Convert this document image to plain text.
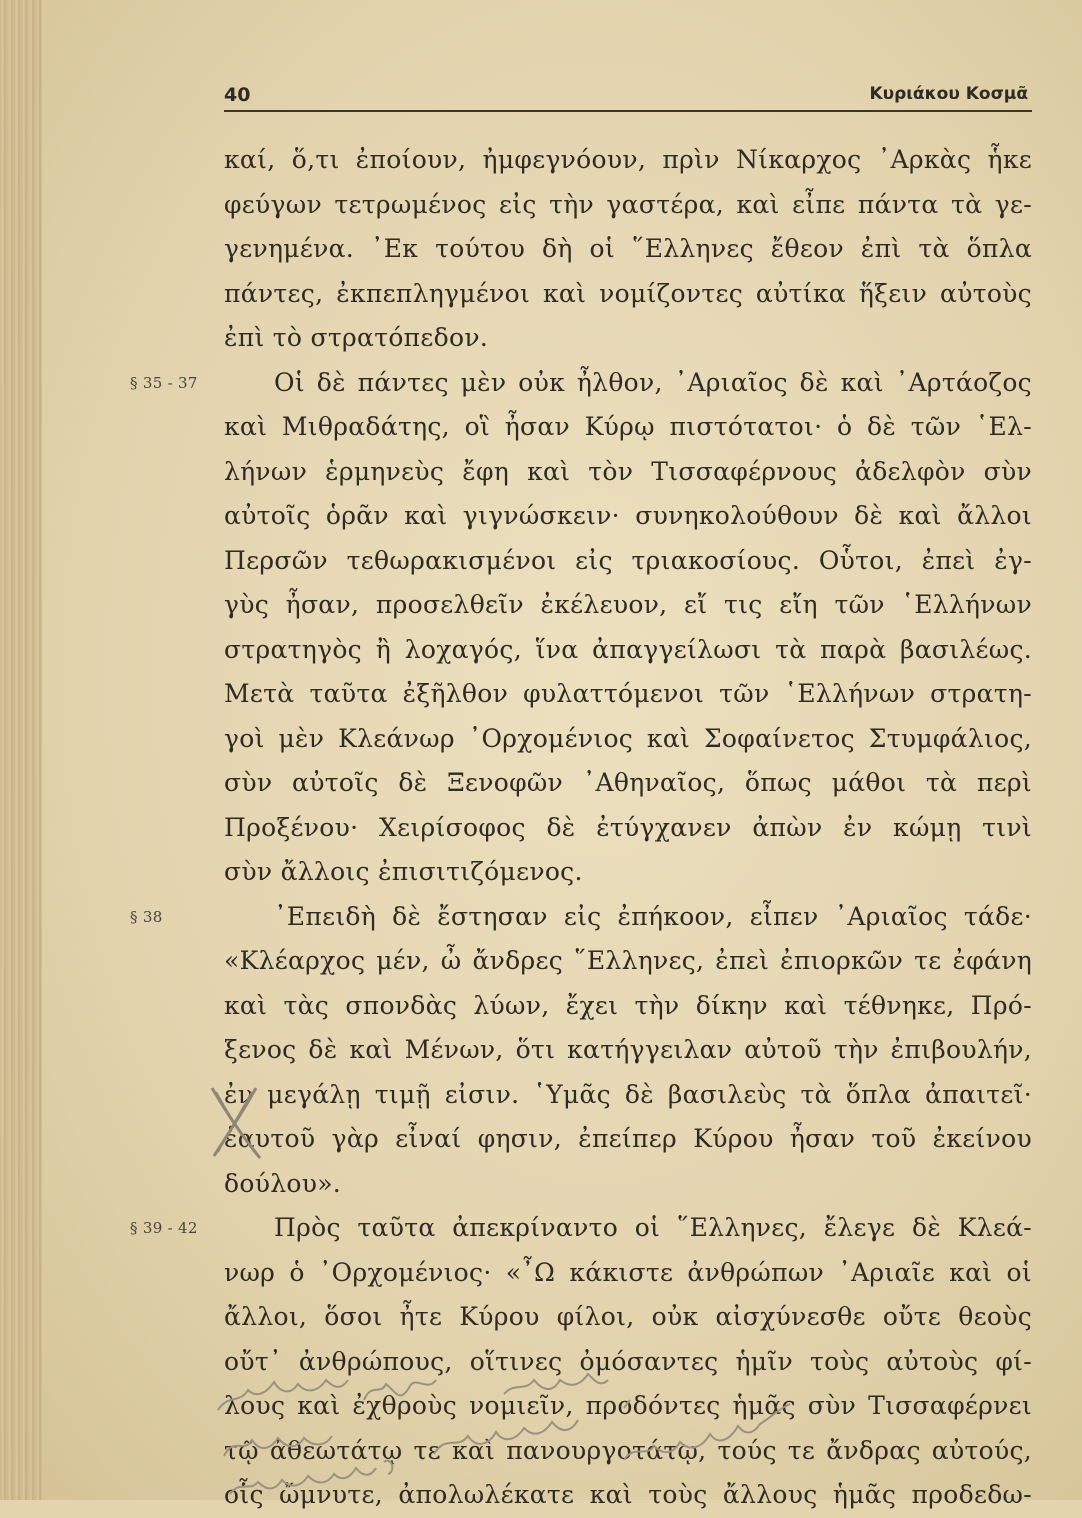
40	Κυριάκου Κοσμᾶ
καί, ὅ,τι ἐποίουν, ἠμφεγνόουν, πρὶν Νίκαρχος ᾿Αρκὰς ἧκε
φεύγων τετρωμένος εἰς τὴν γαστέρα, καὶ εἶπε πάντα τὰ γε-
γενημένα. ᾿Εκ τούτου δὴ οἱ ῞Ελληνες ἔθεον ἐπὶ τὰ ὅπλα
πάντες, ἐκπεπληγμένοι καὶ νομίζοντες αὐτίκα ἥξειν αὐτοὺς
ἐπὶ τὸ στρατόπεδον.
Οἱ δὲ πάντες μὲν οὐκ ἦλθον, ᾿Αριαῖος δὲ καὶ ᾿Αρτάοζος
§ 35 - 37
καὶ Μιθραδάτης, οἳ ἦσαν Κύρῳ πιστότατοι· ὁ δὲ τῶν ῾Ελ-
λήνων ἑρμηνεὺς ἔφη καὶ τὸν Τισσαφέρνους ἀδελφὸν σὺν
αὐτοῖς ὁρᾶν καὶ γιγνώσκειν· συνηκολούθουν δὲ καὶ ἄλλοι
Περσῶν τεθωρακισμένοι εἰς τριακοσίους. Οὗτοι, ἐπεὶ ἐγ-
γὺς ἦσαν, προσελθεῖν ἐκέλευον, εἴ τις εἴη τῶν ῾Ελλήνων
στρατηγὸς ἢ λοχαγός, ἵνα ἀπαγγείλωσι τὰ παρὰ βασιλέως.
Μετὰ ταῦτα ἐξῆλθον φυλαττόμενοι τῶν ῾Ελλήνων στρατη-
γοὶ μὲν Κλεάνωρ ᾿Ορχομένιος καὶ Σοφαίνετος Στυμφάλιος,
σὺν αὐτοῖς δὲ Ξενοφῶν ᾿Αθηναῖος, ὅπως μάθοι τὰ περὶ
Προξένου· Χειρίσοφος δὲ ἐτύγχανεν ἀπὼν ἐν κώμῃ τινὶ
σὺν ἄλλοις ἐπισιτιζόμενος.
᾿Επειδὴ δὲ ἔστησαν εἰς ἐπήκοον, εἶπεν ᾿Αριαῖος τάδε·
§ 38
«Κλέαρχος μέν, ὦ ἄνδρες ῞Ελληνες, ἐπεὶ ἐπιορκῶν τε ἐφάνη
καὶ τὰς σπονδὰς λύων, ἔχει τὴν δίκην καὶ τέθνηκε, Πρό-
ξενος δὲ καὶ Μένων, ὅτι κατήγγειλαν αὐτοῦ τὴν ἐπιβουλήν,
ἐν μεγάλῃ τιμῇ εἰσιν. ῾Υμᾶς δὲ βασιλεὺς τὰ ὅπλα ἀπαιτεῖ·
ἑαυτοῦ γὰρ εἶναί φησιν, ἐπείπερ Κύρου ἦσαν τοῦ ἐκείνου
δούλου».
Πρὸς ταῦτα ἀπεκρίναντο οἱ ῞Ελληνες, ἔλεγε δὲ Κλεά-
§ 39 - 42
νωρ ὁ ᾿Ορχομένιος· «῏Ω κάκιστε ἀνθρώπων ᾿Αριαῖε καὶ οἱ
ἄλλοι, ὅσοι ἦτε Κύρου φίλοι, οὐκ αἰσχύνεσθε οὔτε θεοὺς
οὔτ᾿ ἀνθρώπους, οἵτινες ὀμόσαντες ἡμῖν τοὺς αὐτοὺς φί-
λους καὶ ἐχθροὺς νομιεῖν, προδόντες ἡμᾶς σὺν Τισσαφέρνει
τῷ ἀθεωτάτῳ τε καὶ πανουργοτάτῳ, τούς τε ἄνδρας αὐτούς,
οἷς ὤμνυτε, ἀπολωλέκατε καὶ τοὺς ἄλλους ἡμᾶς προδεδω-
